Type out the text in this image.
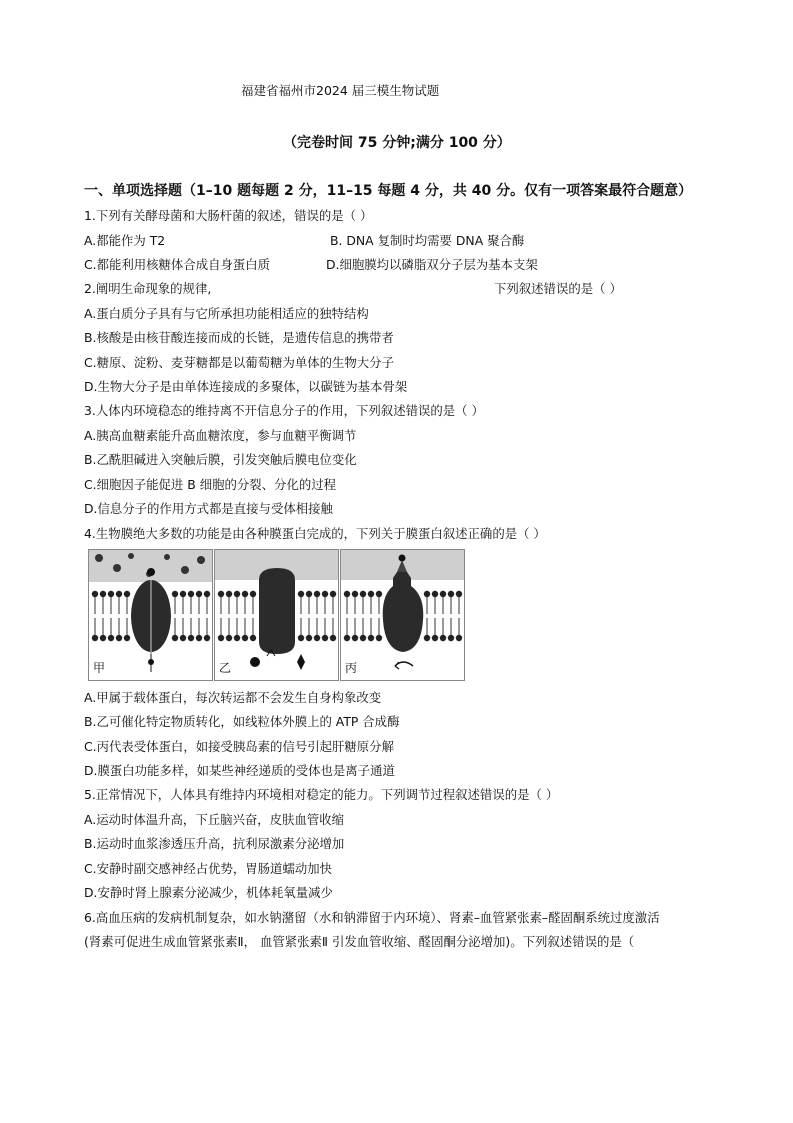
福建省福州市2024 届三模生物试题
（完卷时间 75 分钟;满分 100 分）
一、单项选择题（1–10 题每题 2 分，11–15 每题 4 分，共 40 分。仅有一项答案最符合题意）
1.下列有关酵母菌和大肠杆菌的叙述，错误的是（ ）
A.都能作为 T2	B. DNA 复制时均需要 DNA 聚合酶
C.都能利用核糖体合成自身蛋白质	D.细胞膜均以磷脂双分子层为基本支架
2.阐明生命现象的规律,	下列叙述错误的是（ ）
A.蛋白质分子具有与它所承担功能相适应的独特结构
B.核酸是由核苷酸连接而成的长链，是遗传信息的携带者
C.糖原、淀粉、麦芽糖都是以葡萄糖为单体的生物大分子
D.生物大分子是由单体连接成的多聚体，以碳链为基本骨架
3.人体内环境稳态的维持离不开信息分子的作用，下列叙述错误的是（ ）
A.胰高血糖素能升高血糖浓度，参与血糖平衡调节
B.乙酰胆碱进入突触后膜，引发突触后膜电位变化
C.细胞因子能促进 B 细胞的分裂、分化的过程
D.信息分子的作用方式都是直接与受体相接触
4.生物膜绝大多数的功能是由各种膜蛋白完成的，下列关于膜蛋白叙述正确的是（ ）
甲	乙	丙
A.甲属于载体蛋白，每次转运都不会发生自身构象改变
B.乙可催化特定物质转化，如线粒体外膜上的 ATP 合成酶
C.丙代表受体蛋白，如接受胰岛素的信号引起肝糖原分解
D.膜蛋白功能多样，如某些神经递质的受体也是离子通道
5.正常情况下，人体具有维持内环境相对稳定的能力。下列调节过程叙述错误的是（ ）
A.运动时体温升高，下丘脑兴奋，皮肤血管收缩
B.运动时血浆渗透压升高，抗利尿激素分泌增加
C.安静时副交感神经占优势，胃肠道蠕动加快
D.安静时肾上腺素分泌减少，机体耗氧量减少
6.高血压病的发病机制复杂，如水钠潴留（水和钠滞留于内环境）、肾素–血管紧张素–醛固酮系统过度激活
(肾素可促进生成血管紧张素Ⅱ， 血管紧张素Ⅱ 引发血管收缩、醛固酮分泌增加)。下列叙述错误的是（
